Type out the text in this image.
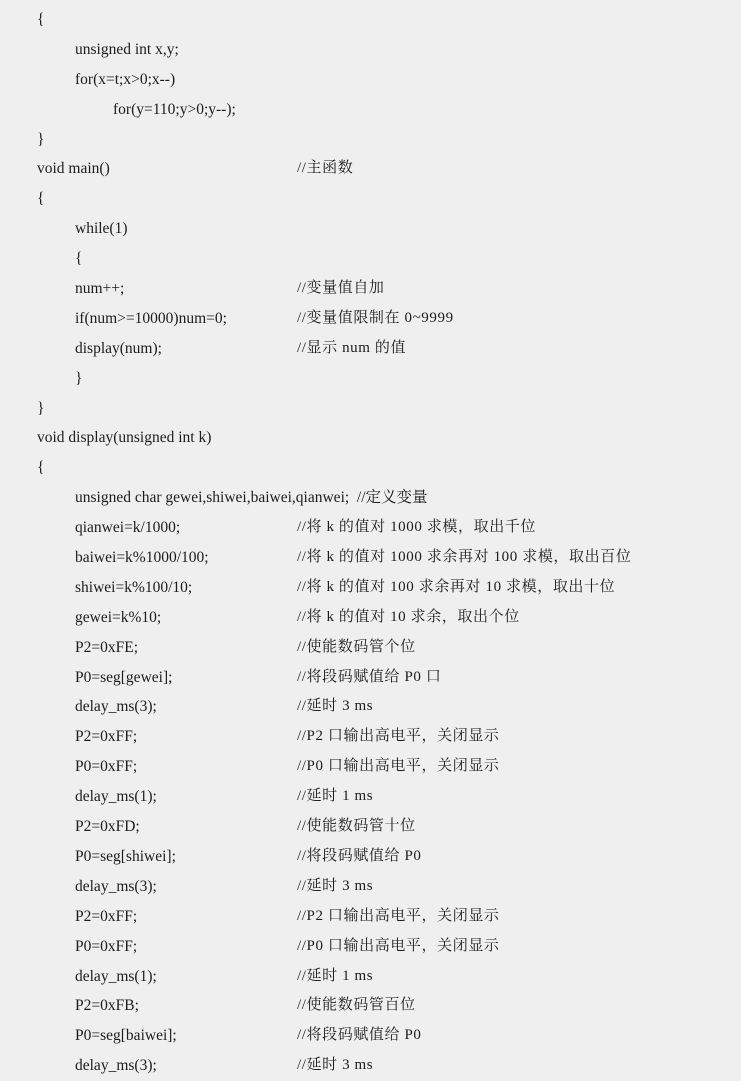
{
unsigned int x,y;
for(x=t;x>0;x--)
for(y=110;y>0;y--);
}
void main()	//主函数
{
while(1)
{
num++;	//变量值自加
if(num>=10000)num=0;	//变量值限制在 0~9999
display(num);	//显示 num 的值
}
}
void display(unsigned int k)
{
unsigned char gewei,shiwei,baiwei,qianwei;  //定义变量
qianwei=k/1000;	//将 k 的值对 1000 求模，取出千位
baiwei=k%1000/100;	//将 k 的值对 1000 求余再对 100 求模，取出百位
shiwei=k%100/10;	//将 k 的值对 100 求余再对 10 求模，取出十位
gewei=k%10;	//将 k 的值对 10 求余，取出个位
P2=0xFE;	//使能数码管个位
P0=seg[gewei];	//将段码赋值给 P0 口
delay_ms(3);	//延时 3 ms
P2=0xFF;	//P2 口输出高电平，关闭显示
P0=0xFF;	//P0 口输出高电平，关闭显示
delay_ms(1);	//延时 1 ms
P2=0xFD;	//使能数码管十位
P0=seg[shiwei];	//将段码赋值给 P0
delay_ms(3);	//延时 3 ms
P2=0xFF;	//P2 口输出高电平，关闭显示
P0=0xFF;	//P0 口输出高电平，关闭显示
delay_ms(1);	//延时 1 ms
P2=0xFB;	//使能数码管百位
P0=seg[baiwei];	//将段码赋值给 P0
delay_ms(3);	//延时 3 ms
